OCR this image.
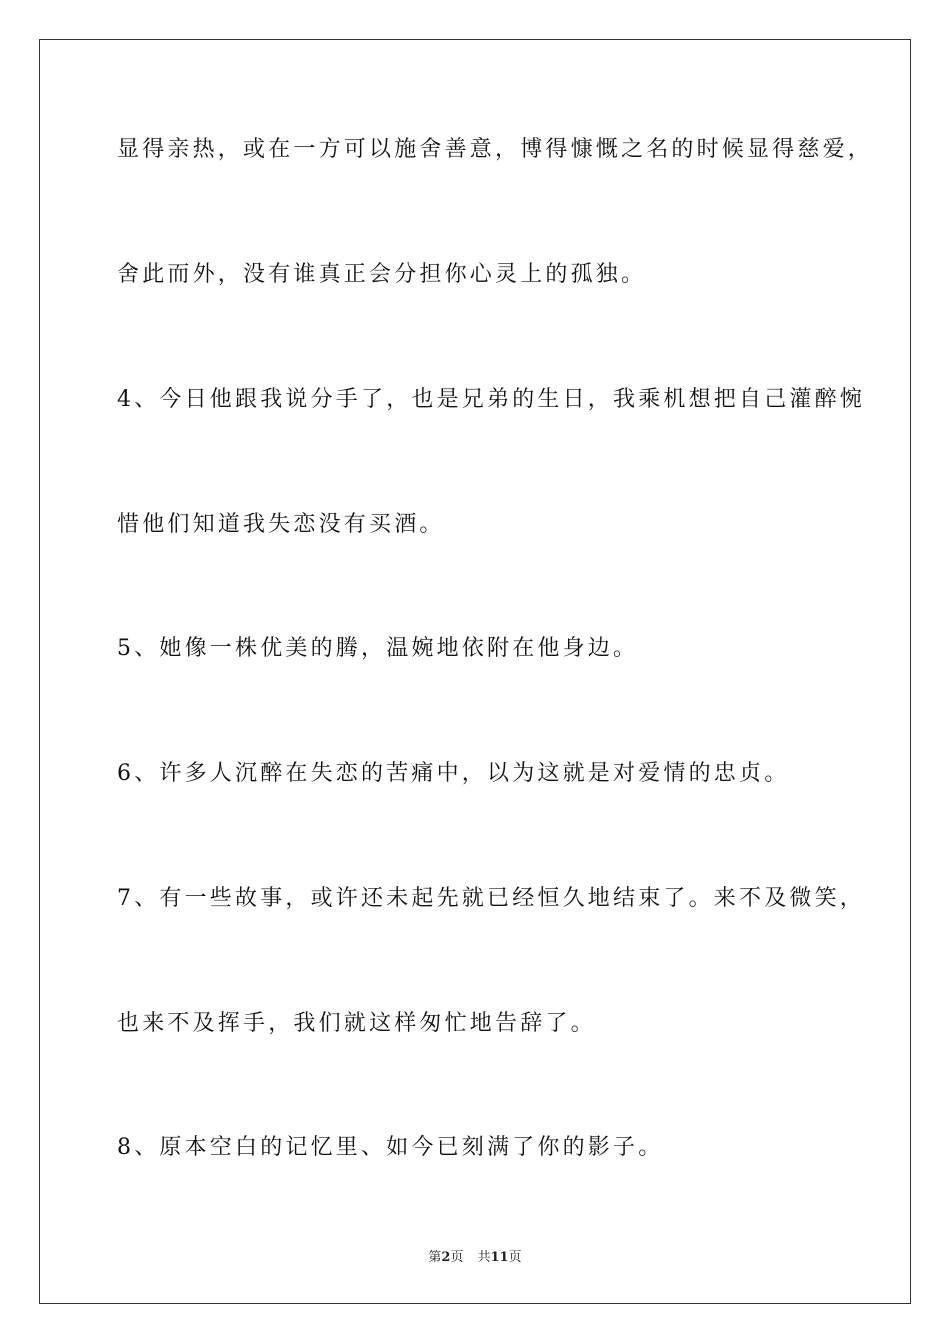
显得亲热，或在一方可以施舍善意，博得慷慨之名的时候显得慈爱，
舍此而外，没有谁真正会分担你心灵上的孤独。
4、今日他跟我说分手了，也是兄弟的生日，我乘机想把自己灌醉惋
惜他们知道我失恋没有买酒。
5、她像一株优美的腾，温婉地依附在他身边。
6、许多人沉醉在失恋的苦痛中，以为这就是对爱情的忠贞。
7、有一些故事，或许还未起先就已经恒久地结束了。来不及微笑，
也来不及挥手，我们就这样匆忙地告辞了。
8、原本空白的记忆里、如今已刻满了你的影子。
第2页 共11页
